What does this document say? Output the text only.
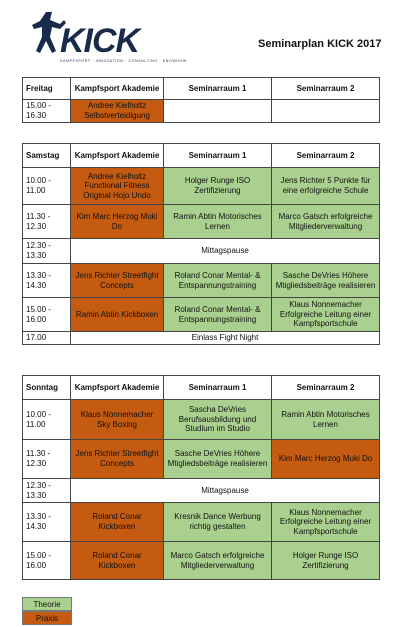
KICK
KAMPFSPORT · INNOVATION · CONSULTING · KNOWHOW
Seminarplan KICK 2017
Freitag	Kampfsport Akademie	Seminarraum 1	Seminarraum 2
15.00 - 16.30	Andree Kielholtz Selbstverteidigung		
Samstag	Kampfsport Akademie	Seminarraum 1	Seminarraum 2
10.00 - 11.00	Andree Kielholtz Functional Fitness Original Hojo Undo	Holger Runge ISO Zertifizierung	Jens Richter 5 Punkte für eine erfolgreiche Schule
11.30 - 12.30	Kim Marc Herzog Muki Do	Ramin Abtin Motorisches Lernen	Marco Gatsch erfolgreiche Mitgliederverwaltung
12.30 - 13.30	Mittagspause		
13.30 - 14.30	Jens Richter Streetfight Concepts	Roland Conar Mental- & Entspannungstraining	Sasche DeVries Höhere Mtigliedsbeiträge realisieren
15.00 - 16.00	Ramin Abtin Kickboxen	Roland Conar Mental- & Entspannungstraining	Klaus Nonnemacher Erfolgreiche Leitung einer Kampfsportschule
17.00	Einlass Fight Night		
Sonntag	Kampfsport Akademie	Seminarraum 1	Seminarraum 2
10.00 - 11.00	Klaus Nonnemacher Sky Boxing	Sascha DeVries Berufsausbildung und Studium im Studio	Ramin Abtin Motorisches Lernen
11.30 - 12.30	Jens Richter Streetfight Concepts	Sasche DeVries Höhere Mtigliedsbeiträge realisieren	Kim Marc Herzog Muki Do
12.30 - 13.30	Mittagspause		
13.30 - 14.30	Roland Conar Kickboxen	Kresnik Dance Werbung richtig gestalten	Klaus Nonnemacher Erfolgreiche Leitung einer Kampfsportschule
15.00 - 16.00	Roland Conar Kickboxen	Marco Gatsch erfolgreiche Mitgliederverwaltung	Holger Runge ISO Zertifizierung
Theorie
Praxis
